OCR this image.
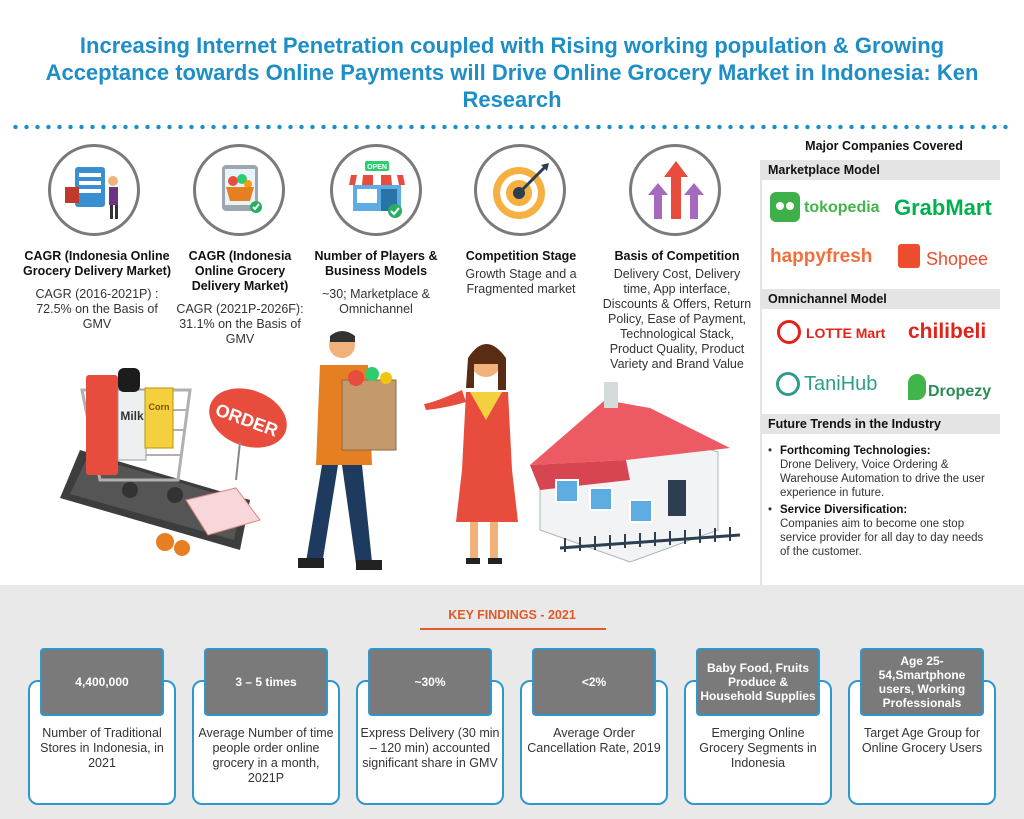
Increasing Internet Penetration coupled with Rising working population & Growing Acceptance towards Online Payments will Drive Online Grocery Market in Indonesia: Ken Research
CAGR (Indonesia Online Grocery Delivery Market)
CAGR (2016-2021P) : 72.5% on the Basis of GMV
CAGR (Indonesia Online Grocery Delivery Market)
CAGR (2021P-2026F): 31.1% on the Basis of GMV
OPEN
Number of Players & Business Models
~30; Marketplace & Omnichannel
Competition Stage
Growth Stage and a Fragmented market
Basis of Competition
Delivery Cost, Delivery time, App interface, Discounts & Offers, Return Policy, Ease of Payment, Technological Stack, Product Quality, Product Variety and Brand Value
Milk
Corn ORDER
Major Companies Covered
Marketplace Model
tokopedia GrabMart
happyfresh	Shopee
Omnichannel Model
LOTTE Mart chilibeli
TaniHub	Dropezy
Future Trends in the Industry
• Forthcoming Technologies:
Drone Delivery, Voice Ordering & Warehouse Automation to drive the user experience in future.
• Service Diversification:
Companies aim to become one stop service provider for all day to day needs of the customer.
KEY FINDINGS - 2021
4,400,000
Number of Traditional Stores in Indonesia, in 2021
3 – 5 times
Average Number of time people order online grocery in a month, 2021P
~30%
Express Delivery (30 min – 120 min) accounted significant share in GMV
<2%
Average Order Cancellation Rate, 2019
Baby Food, Fruits Produce & Household Supplies
Emerging Online Grocery Segments in Indonesia
Age 25-54,Smartphone users, Working Professionals
Target Age Group for Online Grocery Users
